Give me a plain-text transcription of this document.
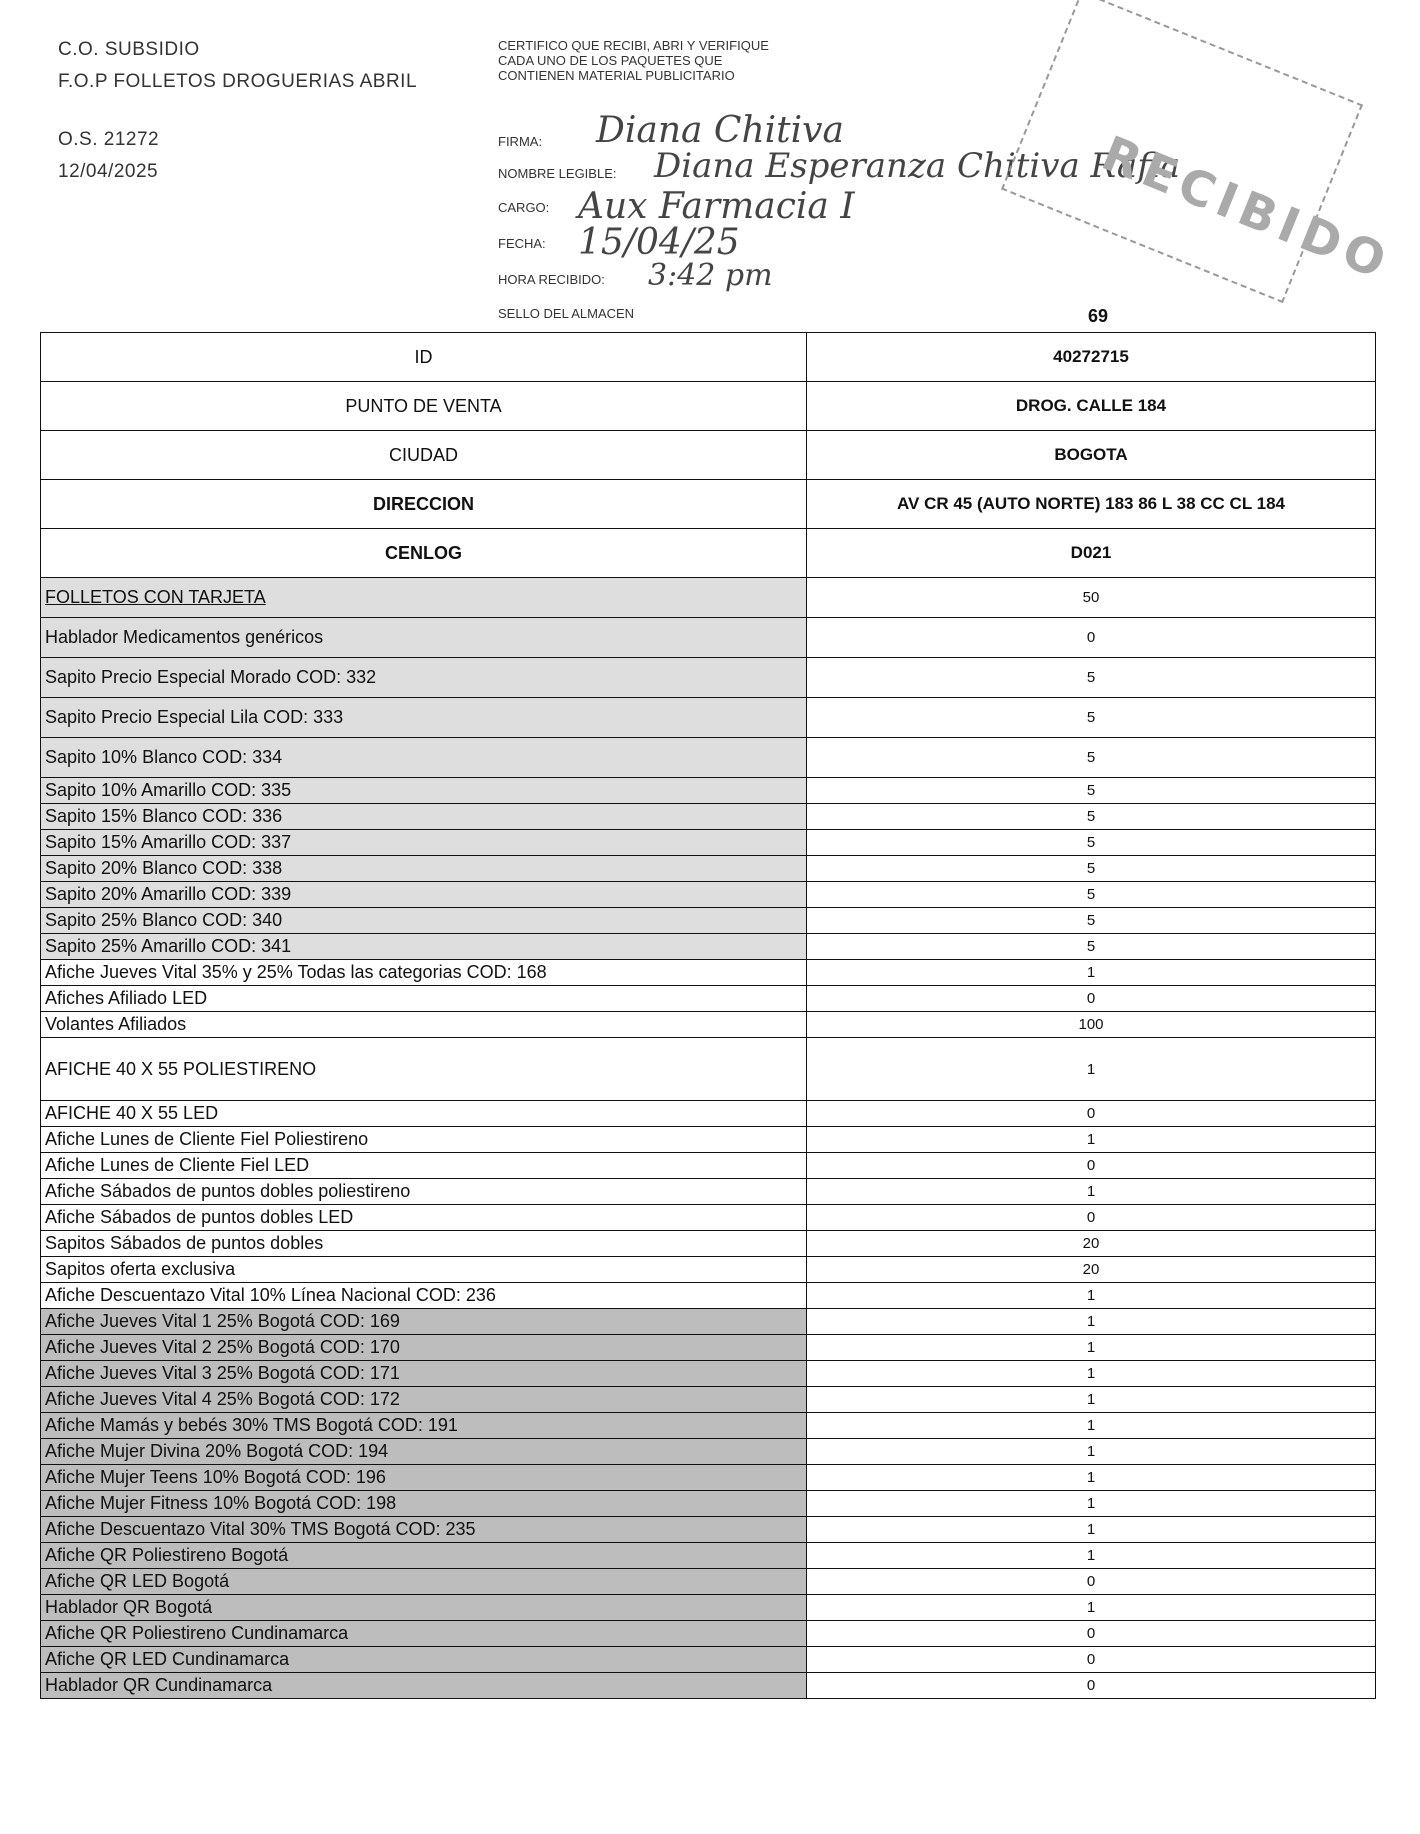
C.O. SUBSIDIO
F.O.P FOLLETOS DROGUERIAS ABRIL
O.S. 21272
12/04/2025
CERTIFICO QUE RECIBI, ABRI Y VERIFIQUE CADA UNO DE LOS PAQUETES QUE CONTIENEN MATERIAL PUBLICITARIO
FIRMA: Diana Chitiva
NOMBRE LEGIBLE: Diana Esperanza Chitiva Rafia
CARGO: Aux Farmacia I
FECHA: 15/04/25
HORA RECIBIDO: 3:42 pm
SELLO DEL ALMACEN	69
RECIBIDO
ID	40272715
PUNTO DE VENTA	DROG. CALLE 184
CIUDAD	BOGOTA
DIRECCION	AV CR 45 (AUTO NORTE) 183 86 L 38 CC CL 184
CENLOG	D021
FOLLETOS CON TARJETA	50
Hablador Medicamentos genéricos	0
Sapito Precio Especial Morado COD: 332	5
Sapito Precio Especial Lila COD: 333	5
Sapito 10% Blanco COD: 334	5
Sapito 10% Amarillo COD: 335	5
Sapito 15% Blanco COD: 336	5
Sapito 15% Amarillo COD: 337	5
Sapito 20% Blanco COD: 338	5
Sapito 20% Amarillo COD: 339	5
Sapito 25% Blanco COD: 340	5
Sapito 25% Amarillo COD: 341	5
Afiche Jueves Vital 35% y 25% Todas las categorias COD: 168	1
Afiches Afiliado LED	0
Volantes Afiliados	100
AFICHE 40 X 55 POLIESTIRENO	1
AFICHE 40 X 55 LED	0
Afiche Lunes de Cliente Fiel Poliestireno	1
Afiche Lunes de Cliente Fiel LED	0
Afiche Sábados de puntos dobles poliestireno	1
Afiche Sábados de puntos dobles LED	0
Sapitos Sábados de puntos dobles	20
Sapitos oferta exclusiva	20
Afiche Descuentazo Vital 10% Línea Nacional COD: 236	1
Afiche Jueves Vital 1 25% Bogotá COD: 169	1
Afiche Jueves Vital 2 25% Bogotá COD: 170	1
Afiche Jueves Vital 3 25% Bogotá COD: 171	1
Afiche Jueves Vital 4 25% Bogotá COD: 172	1
Afiche Mamás y bebés 30% TMS Bogotá COD: 191	1
Afiche Mujer Divina 20% Bogotá COD: 194	1
Afiche Mujer Teens 10% Bogotá COD: 196	1
Afiche Mujer Fitness 10% Bogotá COD: 198	1
Afiche Descuentazo Vital 30% TMS Bogotá COD: 235	1
Afiche QR Poliestireno Bogotá	1
Afiche QR LED Bogotá	0
Hablador QR Bogotá	1
Afiche QR Poliestireno Cundinamarca	0
Afiche QR LED Cundinamarca	0
Hablador QR Cundinamarca	0
